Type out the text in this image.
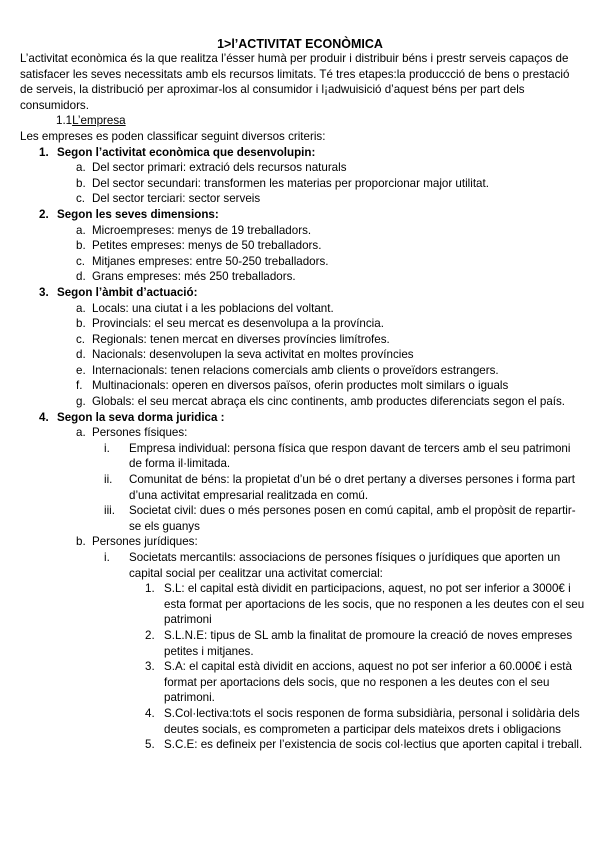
1>l’ACTIVITAT ECONÒMICA

L’activitat econòmica és la que realitza l’ésser humà per produir i distribuir béns i prestr serveis capaços de satisfacer les seves necessitats amb els recursos limitats. Té tres etapes:la produccció de bens o prestació de serveis, la distribució per aproximar-los al consumidor i l¡adwuisició d’aquest béns per part dels consumidors.

1.1L’empresa

Les empreses es poden classificar seguint diversos criteris:

1. Segon l’activitat econòmica que desenvolupin:
a. Del sector primari: extració dels recursos naturals
b. Del sector secundari: transformen les materias per proporcionar major utilitat.
c. Del sector terciari: sector serveis
2. Segon les seves dimensions:
a. Microempreses: menys de 19 treballadors.
b. Petites empreses: menys de 50 treballadors.
c. Mitjanes empreses: entre 50-250 treballadors.
d. Grans empreses: més 250 treballadors.
3. Segon l’àmbit d’actuació:
a. Locals: una ciutat i a les poblacions del voltant.
b. Provincials: el seu mercat es desenvolupa a la província.
c. Regionals: tenen mercat en diverses províncies limítrofes.
d. Nacionals: desenvolupen la seva activitat en moltes províncies
e. Internacionals: tenen relacions comercials amb clients o proveïdors estrangers.
f. Multinacionals: operen en diversos països, oferin productes molt similars o iguals
g. Globals: el seu mercat abraça els cinc continents, amb productes diferenciats segon el país.
4. Segon la seva dorma juridica :
a. Persones físiques:
i. Empresa individual: persona física que respon davant de tercers amb el seu patrimoni de forma il·limitada.
ii. Comunitat de béns: la propietat d’un bé o dret pertany a diverses persones i forma part d’una activitat empresarial realitzada en comú.
iii. Societat civil: dues o més persones posen en comú capital, amb el propòsit de repartir-se els guanys
b. Persones jurídiques:
i. Societats mercantils: associacions de persones físiques o jurídiques que aporten un capital social per cealitzar una activitat comercial:
1. S.L: el capital està dividit en participacions, aquest, no pot ser inferior a 3000€ i esta format per aportacions de les socis, que no responen a les deutes con el seu patrimoni
2. S.L.N.E: tipus de SL amb la finalitat de promoure la creació de noves empreses petites i mitjanes.
3. S.A: el capital està dividit en accions, aquest no pot ser inferior a 60.000€ i està format per aportacions dels socis, que no responen a les deutes con el seu patrimoni.
4. S.Col·lectiva:tots el socis responen de forma subsidiària, personal i solidària dels deutes socials, es comprometen a participar dels mateixos drets i obligacions
5. S.C.E: es defineix per l’existencia de socis col·lectius que aporten capital i treball.
